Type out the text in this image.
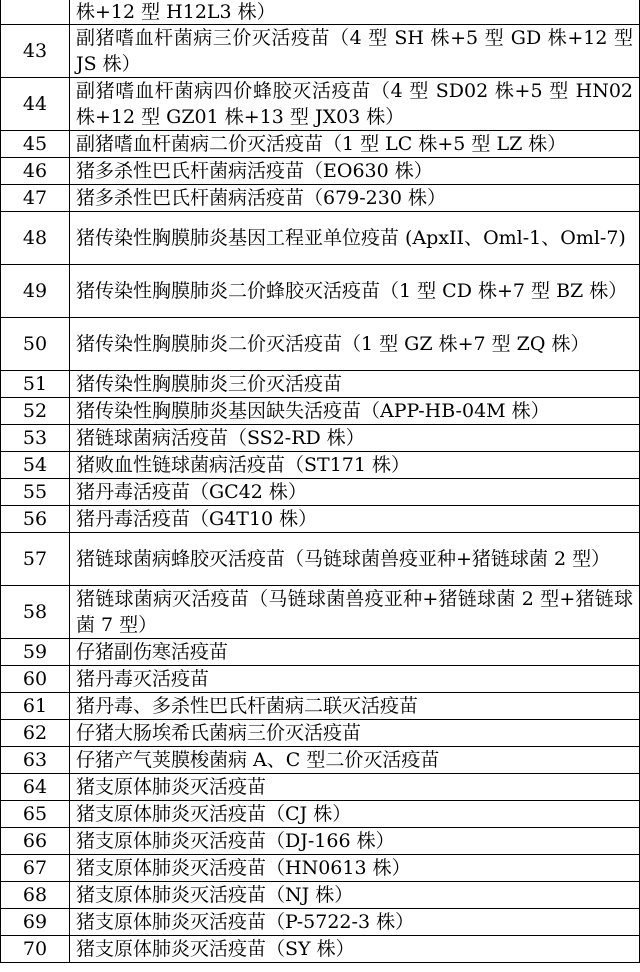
	株+12 型 H12L3 株）
43	副猪嗜血杆菌病三价灭活疫苗（4 型 SH 株+5 型 GD 株+12 型 JS 株）
44	副猪嗜血杆菌病四价蜂胶灭活疫苗（4 型 SD02 株+5 型 HN02 株+12 型 GZ01 株+13 型 JX03 株）
45	副猪嗜血杆菌病二价灭活疫苗（1 型 LC 株+5 型 LZ 株）
46	猪多杀性巴氏杆菌病活疫苗（EO630 株）
47	猪多杀性巴氏杆菌病活疫苗（679-230 株）
48	猪传染性胸膜肺炎基因工程亚单位疫苗 (ApxII、Oml-1、Oml-7)
49	猪传染性胸膜肺炎二价蜂胶灭活疫苗（1 型 CD 株+7 型 BZ 株）
50	猪传染性胸膜肺炎二价灭活疫苗（1 型 GZ 株+7 型 ZQ 株）
51	猪传染性胸膜肺炎三价灭活疫苗
52	猪传染性胸膜肺炎基因缺失活疫苗（APP-HB-04M 株）
53	猪链球菌病活疫苗（SS2-RD 株）
54	猪败血性链球菌病活疫苗（ST171 株）
55	猪丹毒活疫苗（GC42 株）
56	猪丹毒活疫苗（G4T10 株）
57	猪链球菌病蜂胶灭活疫苗（马链球菌兽疫亚种+猪链球菌 2 型）
58	猪链球菌病灭活疫苗（马链球菌兽疫亚种+猪链球菌 2 型+猪链球菌 7 型）
59	仔猪副伤寒活疫苗
60	猪丹毒灭活疫苗
61	猪丹毒、多杀性巴氏杆菌病二联灭活疫苗
62	仔猪大肠埃希氏菌病三价灭活疫苗
63	仔猪产气荚膜梭菌病 A、C 型二价灭活疫苗
64	猪支原体肺炎灭活疫苗
65	猪支原体肺炎灭活疫苗（CJ 株）
66	猪支原体肺炎灭活疫苗（DJ-166 株）
67	猪支原体肺炎灭活疫苗（HN0613 株）
68	猪支原体肺炎灭活疫苗（NJ 株）
69	猪支原体肺炎灭活疫苗（P-5722-3 株）
70	猪支原体肺炎灭活疫苗（SY 株）
